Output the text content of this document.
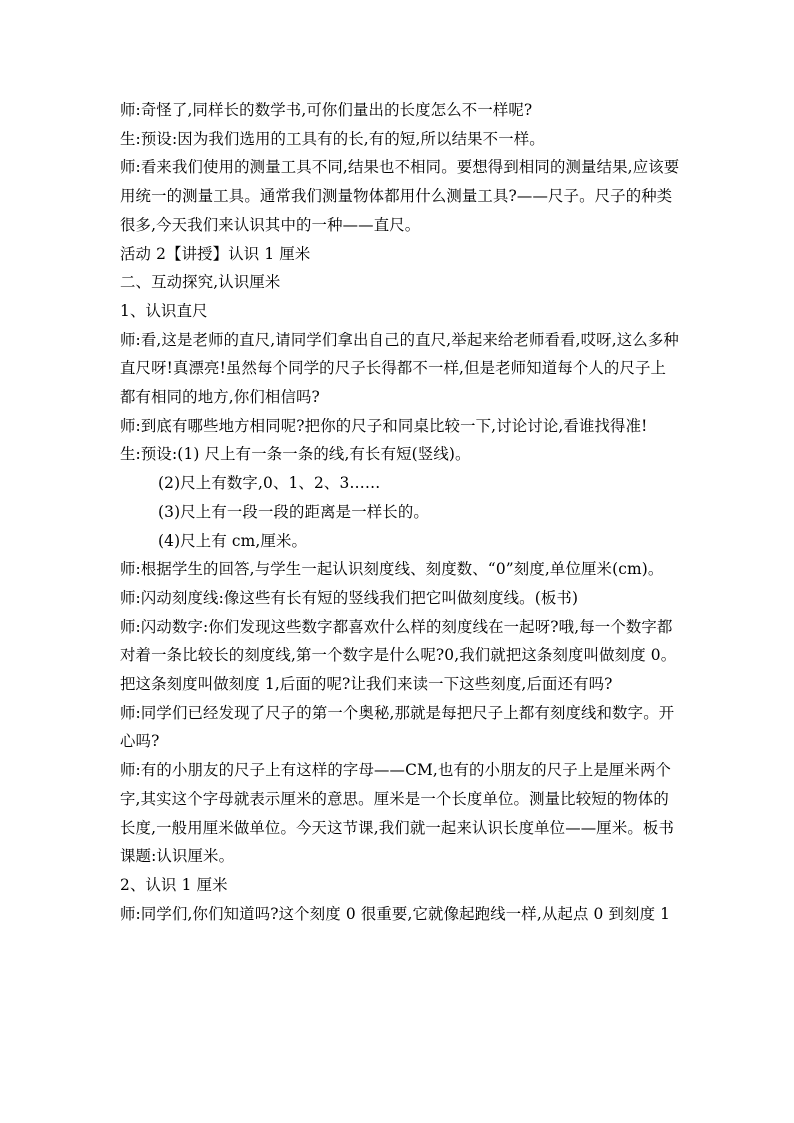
师:奇怪了,同样长的数学书,可你们量出的长度怎么不一样呢?

生:预设:因为我们选用的工具有的长,有的短,所以结果不一样。

师:看来我们使用的测量工具不同,结果也不相同。要想得到相同的测量结果,应该要用统一的测量工具。通常我们测量物体都用什么测量工具?——尺子。尺子的种类很多,今天我们来认识其中的一种——直尺。

活动 2【讲授】认识 1 厘米

二、互动探究,认识厘米

1、认识直尺

师:看,这是老师的直尺,请同学们拿出自己的直尺,举起来给老师看看,哎呀,这么多种直尺呀!真漂亮!虽然每个同学的尺子长得都不一样,但是老师知道每个人的尺子上都有相同的地方,你们相信吗?

师:到底有哪些地方相同呢?把你的尺子和同桌比较一下,讨论讨论,看谁找得准!

生:预设:(1) 尺上有一条一条的线,有长有短(竖线)。

(2)尺上有数字,0、1、2、3……

(3)尺上有一段一段的距离是一样长的。

(4)尺上有 cm,厘米。

师:根据学生的回答,与学生一起认识刻度线、刻度数、“0”刻度,单位厘米(cm)。

师:闪动刻度线:像这些有长有短的竖线我们把它叫做刻度线。(板书)

师:闪动数字:你们发现这些数字都喜欢什么样的刻度线在一起呀?哦,每一个数字都对着一条比较长的刻度线,第一个数字是什么呢?0,我们就把这条刻度叫做刻度 0。把这条刻度叫做刻度 1,后面的呢?让我们来读一下这些刻度,后面还有吗?

师:同学们已经发现了尺子的第一个奥秘,那就是每把尺子上都有刻度线和数字。开心吗?

师:有的小朋友的尺子上有这样的字母——CM,也有的小朋友的尺子上是厘米两个字,其实这个字母就表示厘米的意思。厘米是一个长度单位。测量比较短的物体的长度,一般用厘米做单位。今天这节课,我们就一起来认识长度单位——厘米。板书课题:认识厘米。

2、认识 1 厘米

师:同学们,你们知道吗?这个刻度 0 很重要,它就像起跑线一样,从起点 0 到刻度 1
